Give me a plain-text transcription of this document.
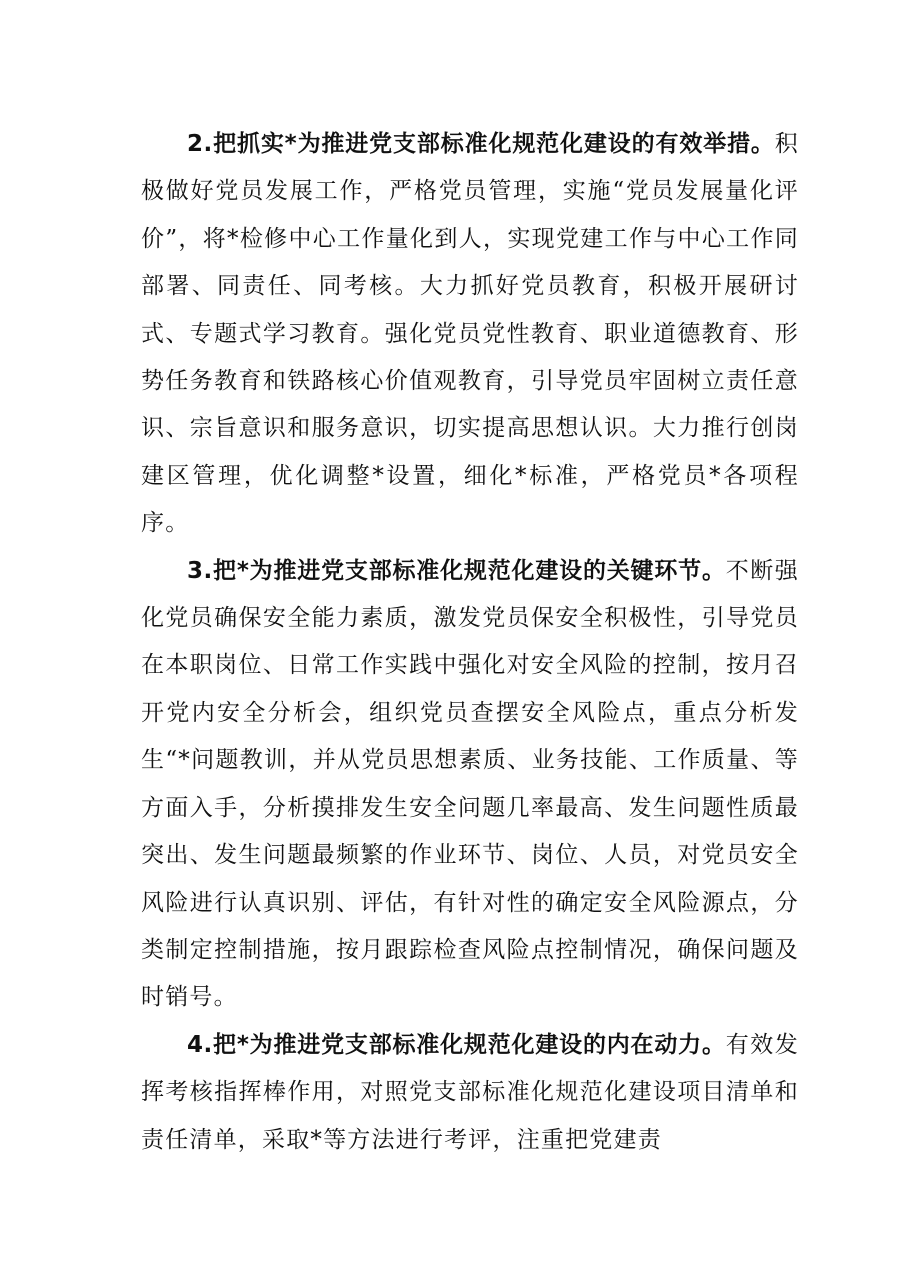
2.把抓实*为推进党支部标准化规范化建设的有效举措。积极做好党员发展工作，严格党员管理，实施“党员发展量化评价”，将*检修中心工作量化到人，实现党建工作与中心工作同部署、同责任、同考核。大力抓好党员教育，积极开展研讨式、专题式学习教育。强化党员党性教育、职业道德教育、形势任务教育和铁路核心价值观教育，引导党员牢固树立责任意识、宗旨意识和服务意识，切实提高思想认识。大力推行创岗建区管理，优化调整*设置，细化*标准，严格党员*各项程序。

3.把*为推进党支部标准化规范化建设的关键环节。不断强化党员确保安全能力素质，激发党员保安全积极性，引导党员在本职岗位、日常工作实践中强化对安全风险的控制，按月召开党内安全分析会，组织党员查摆安全风险点，重点分析发生“*问题教训，并从党员思想素质、业务技能、工作质量、等方面入手，分析摸排发生安全问题几率最高、发生问题性质最突出、发生问题最频繁的作业环节、岗位、人员，对党员安全风险进行认真识别、评估，有针对性的确定安全风险源点，分类制定控制措施，按月跟踪检查风险点控制情况，确保问题及时销号。

4.把*为推进党支部标准化规范化建设的内在动力。有效发挥考核指挥棒作用，对照党支部标准化规范化建设项目清单和责任清单，采取*等方法进行考评，注重把党建责
